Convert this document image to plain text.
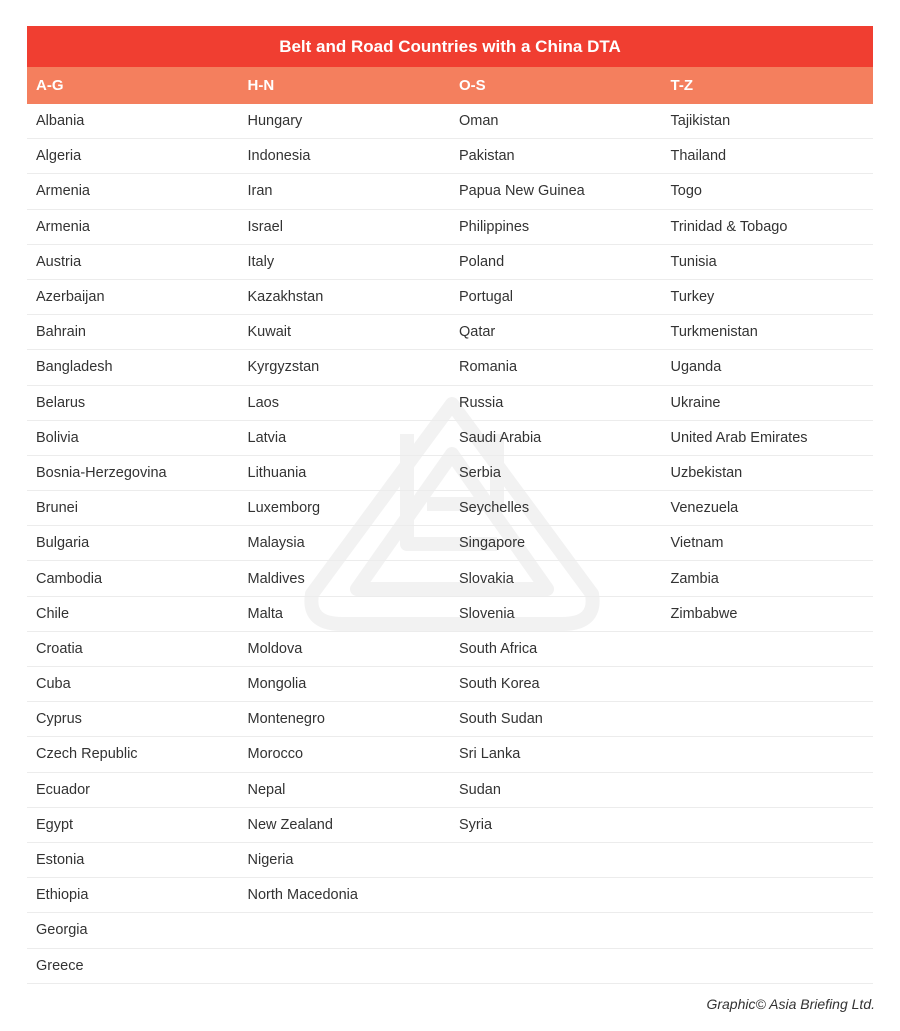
Belt and Road Countries with a China DTA
A-G	H-N	O-S	T-Z
Albania	Hungary	Oman	Tajikistan
Algeria	Indonesia	Pakistan	Thailand
Armenia	Iran	Papua New Guinea	Togo
Armenia	Israel	Philippines	Trinidad & Tobago
Austria	Italy	Poland	Tunisia
Azerbaijan	Kazakhstan	Portugal	Turkey
Bahrain	Kuwait	Qatar	Turkmenistan
Bangladesh	Kyrgyzstan	Romania	Uganda
Belarus	Laos	Russia	Ukraine
Bolivia	Latvia	Saudi Arabia	United Arab Emirates
Bosnia-Herzegovina	Lithuania	Serbia	Uzbekistan
Brunei	Luxemborg	Seychelles	Venezuela
Bulgaria	Malaysia	Singapore	Vietnam
Cambodia	Maldives	Slovakia	Zambia
Chile	Malta	Slovenia	Zimbabwe
Croatia	Moldova	South Africa
Cuba	Mongolia	South Korea
Cyprus	Montenegro	South Sudan
Czech Republic	Morocco	Sri Lanka
Ecuador	Nepal	Sudan
Egypt	New Zealand	Syria
Estonia	Nigeria
Ethiopia	North Macedonia
Georgia
Greece
Graphic© Asia Briefing Ltd.
